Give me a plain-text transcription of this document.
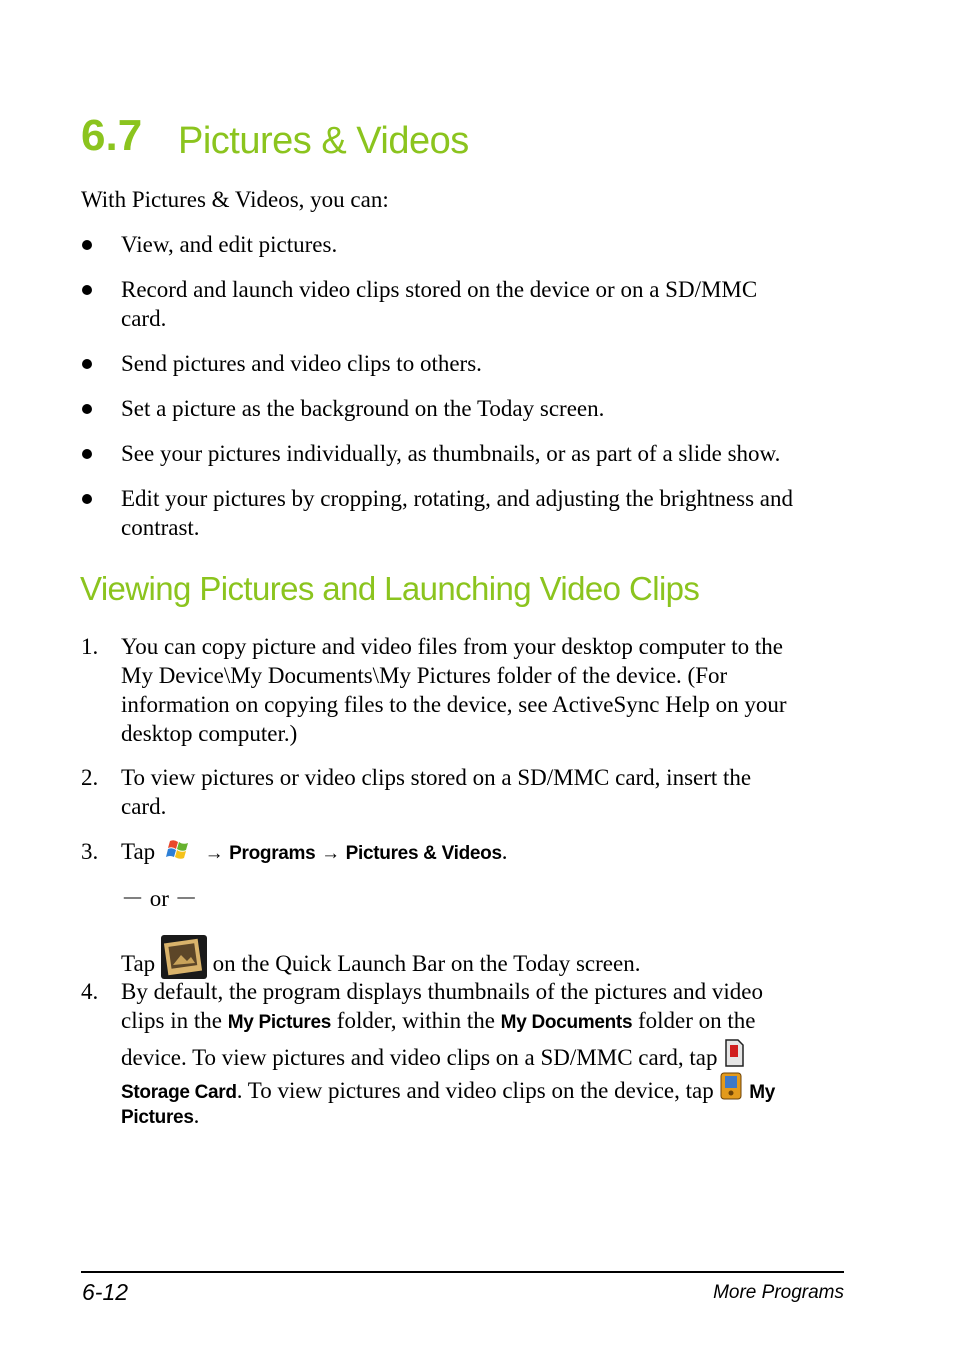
6.7 Pictures & Videos
With Pictures & Videos, you can:
View, and edit pictures.
Record and launch video clips stored on the device or on a SD/MMC
card.
Send pictures and video clips to others.
Set a picture as the background on the Today screen.
See your pictures individually, as thumbnails, or as part of a slide show.
Edit your pictures by cropping, rotating, and adjusting the brightness and
contrast.
Viewing Pictures and Launching Video Clips
1. You can copy picture and video files from your desktop computer to the
My Device\My Documents\My Pictures folder of the device. (For
information on copying files to the device, see ActiveSync Help on your
desktop computer.)
2. To view pictures or video clips stored on a SD/MMC card, insert the
card.
3. Tap	→ Programs → Pictures & Videos.
－ or －
Tap	on the Quick Launch Bar on the Today screen.
4. By default, the program displays thumbnails of the pictures and video
clips in the My Pictures folder, within the My Documents folder on the
device. To view pictures and video clips on a SD/MMC card, tap
Storage Card. To view pictures and video clips on the device, tap My
Pictures.
6-12	More Programs
